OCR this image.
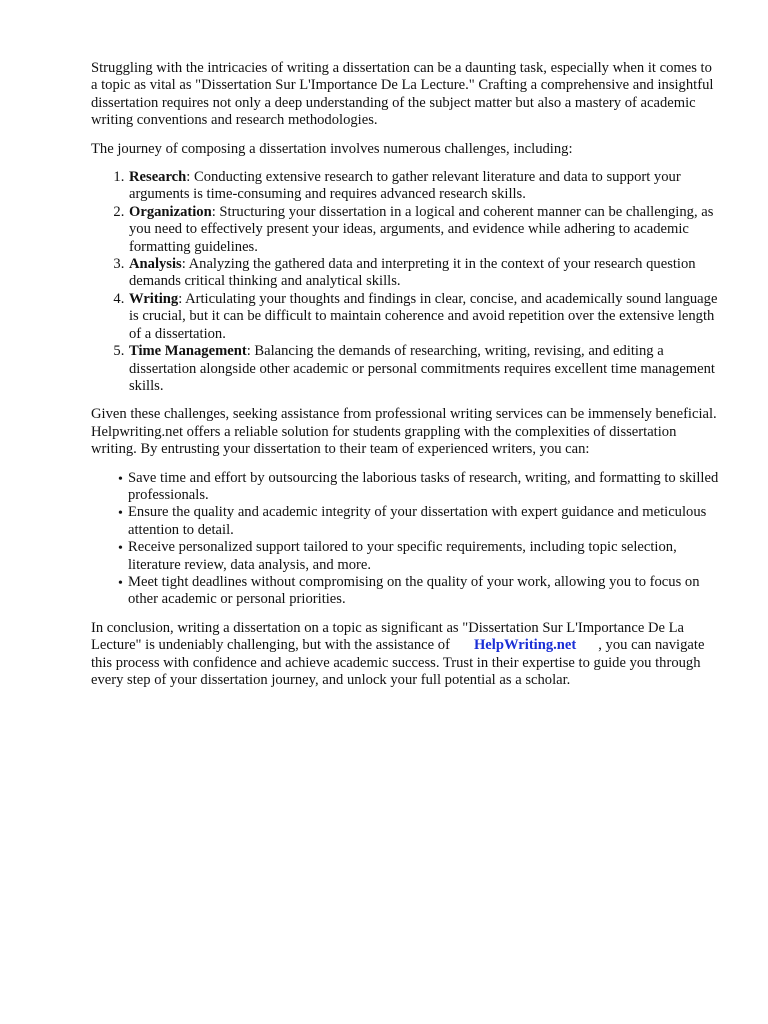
Struggling with the intricacies of writing a dissertation can be a daunting task, especially when it comes to a topic as vital as "Dissertation Sur L'Importance De La Lecture." Crafting a comprehensive and insightful dissertation requires not only a deep understanding of the subject matter but also a mastery of academic writing conventions and research methodologies.

The journey of composing a dissertation involves numerous challenges, including:

1. Research: Conducting extensive research to gather relevant literature and data to support your arguments is time-consuming and requires advanced research skills.
2. Organization: Structuring your dissertation in a logical and coherent manner can be challenging, as you need to effectively present your ideas, arguments, and evidence while adhering to academic formatting guidelines.
3. Analysis: Analyzing the gathered data and interpreting it in the context of your research question demands critical thinking and analytical skills.
4. Writing: Articulating your thoughts and findings in clear, concise, and academically sound language is crucial, but it can be difficult to maintain coherence and avoid repetition over the extensive length of a dissertation.
5. Time Management: Balancing the demands of researching, writing, revising, and editing a dissertation alongside other academic or personal commitments requires excellent time management skills.

Given these challenges, seeking assistance from professional writing services can be immensely beneficial. Helpwriting.net offers a reliable solution for students grappling with the complexities of dissertation writing. By entrusting your dissertation to their team of experienced writers, you can:

• Save time and effort by outsourcing the laborious tasks of research, writing, and formatting to skilled professionals.
• Ensure the quality and academic integrity of your dissertation with expert guidance and meticulous attention to detail.
• Receive personalized support tailored to your specific requirements, including topic selection, literature review, data analysis, and more.
• Meet tight deadlines without compromising on the quality of your work, allowing you to focus on other academic or personal priorities.

In conclusion, writing a dissertation on a topic as significant as "Dissertation Sur L'Importance De La Lecture" is undeniably challenging, but with the assistance of HelpWriting.net , you can navigate this process with confidence and achieve academic success. Trust in their expertise to guide you through every step of your dissertation journey, and unlock your full potential as a scholar.
